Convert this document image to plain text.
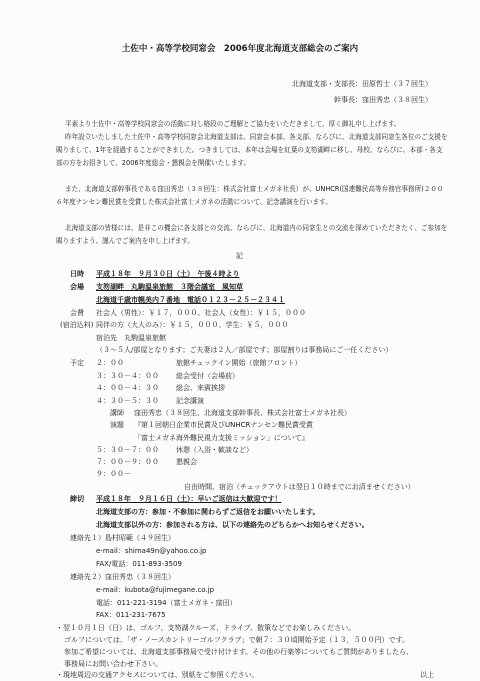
土佐中・高等学校同窓会　2006年度北海道支部総会のご案内
北海道支部・支部長：田原哲士（３７回生）
幹事長：窪田秀忠（３８回生）
平素より土佐中・高等学校同窓会の活動に対し格段のご理解とご協力をいただきまして、厚く御礼申し上げます。
昨年設立いたしました土佐中・高等学校同窓会北海道支部は、同窓会本部、各支部、ならびに、北海道支部同窓生各位のご支援を賜りまして、1年を経過することができました。つきましては、本年は会場を紅葉の支笏湖畔に移し、母校、ならびに、本部・各支部の方をお招きして、2006年度総会・懇親会を開催いたします。
また、北海道支部幹事長である窪田秀忠（３８回生：株式会社富士メガネ社長）が、UNHCR(国連難民高等弁務官事務所)２００６年度ナンセン難民賞を受賞した株式会社富士メガネの活動について、記念講演を行います。
北海道支部の皆様には、是非この機会に各支部との交流、ならびに、北海道内の同窓生との交流を深めていただきたく、ご参加を賜りますよう、謹んでご案内を申し上げます。
記
日時 平成１８年　９月３０日（土）　午後４時より
会場 支笏湖畔　丸駒温泉旅館　３階会議室　風知草
北海道千歳市幌美内７番地　電話０１２３－２５－２３４１
会費 社会人（男性）：￥１７，０００、社会人（女性）：￥１５，０００
(宿泊込料) 同伴の方（大人のみ）：￥１５，０００、学生：￥５，０００
宿泊先 丸駒温泉旅館
（３～５人/部屋となります；ご夫妻は２人／部屋です；部屋割りは事務局にご一任ください）
予定 ２：００	旅館チェックイン開始（旅館フロント）
３：３０－４：００ 総会受付（会場前）
４：００－４：３０ 総会、来賓挨拶
４：３０－５：３０ 記念講演
講師 窪田秀忠（３８回生、北海道支部幹事長、株式会社富士メガネ社長）
演題 『第１回朝日企業市民賞及びUNHCRナンセン難民賞受賞
「富士メガネ海外難民視力支援ミッション」について』
５：３０－７：００ 休憩（入浴・歓談など）
７：００－９：００ 懇親会
９：００－
自由時間、宿泊（チェックアウトは翌日１０時までにお済ませください）
締切 平成１８年　９月１６日（土）：早いご返信は大歓迎です！
北海道支部の方：参加・不参加に関わらずご返信をお願いいたします。
北海道支部以外の方：参加される方は、以下の連絡先のどちらかへお知らせください。
連絡先１）島村昭範（４９回生）
e-mail：shima49n@yahoo.co.jp
FAX/電話：011-893-3509
連絡先２）窪田秀忠（３８回生）
e-mail：kubota@fujimegane.co.jp
電話：011-221-3194（富士メガネ・窪田）
FAX：011-231-7675
・翌１０月１日（日）は、ゴルフ、支笏湖クルーズ、ドライブ、散策などでお楽しみください。
ゴルフについては、「ザ・ノースカントリーゴルフクラブ」で朝７：３０頃開始予定（１３，５００円）です。
参加ご希望については、北海道支部事務局で受け付けます。その他の行楽等についてもご質問がありましたら、
事務局にお問い合わせ下さい。
・現地周辺の交通アクセスについては、別紙をご参照ください。	以上
